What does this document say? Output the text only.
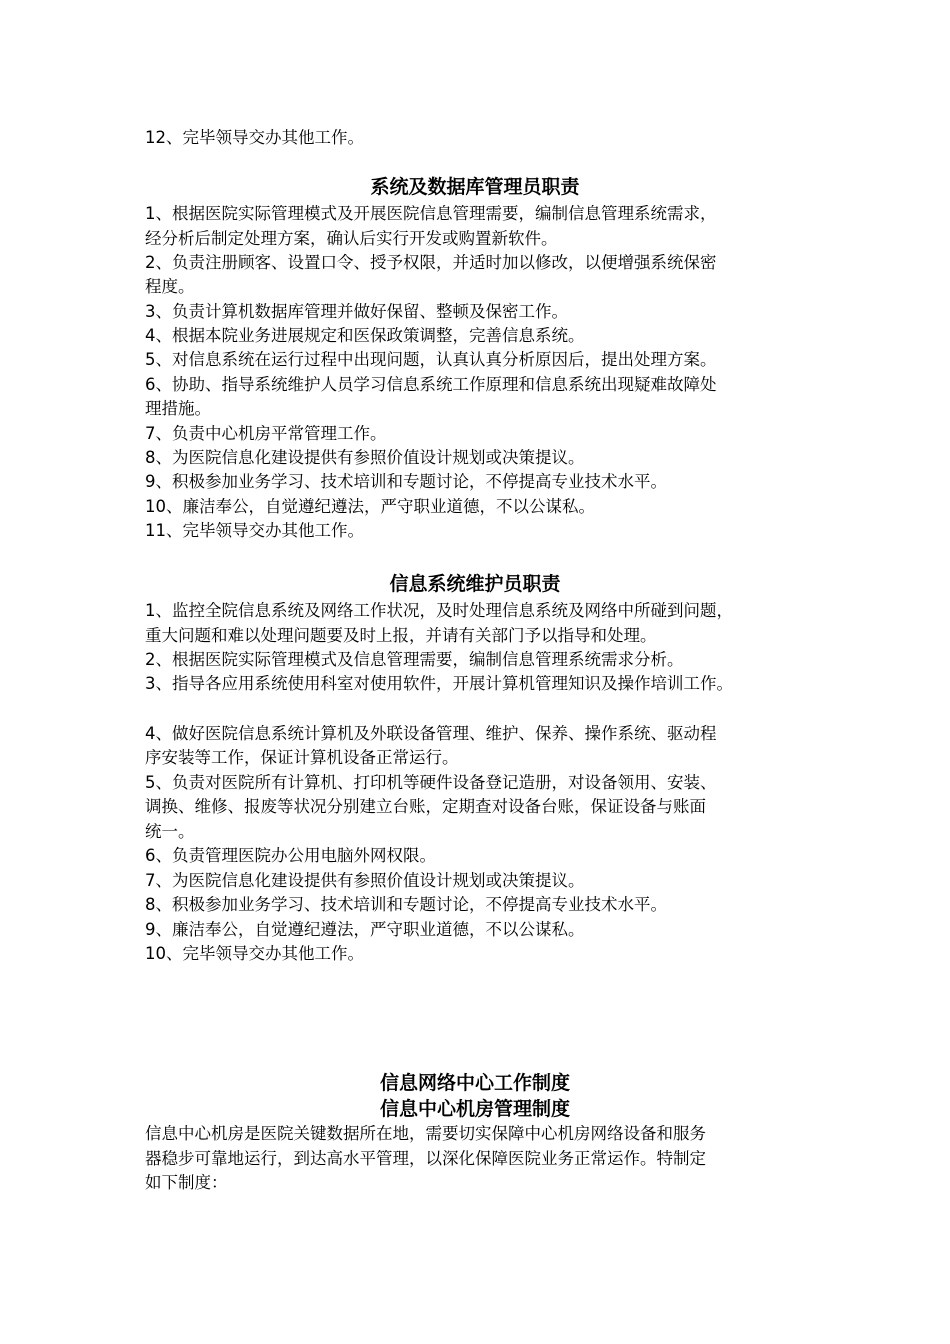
12、完毕领导交办其他工作。
系统及数据库管理员职责
1、根据医院实际管理模式及开展医院信息管理需要，编制信息管理系统需求，
经分析后制定处理方案，确认后实行开发或购置新软件。
2、负责注册顾客、设置口令、授予权限，并适时加以修改，以便增强系统保密
程度。
3、负责计算机数据库管理并做好保留、整顿及保密工作。
4、根据本院业务进展规定和医保政策调整，完善信息系统。
5、对信息系统在运行过程中出现问题，认真认真分析原因后，提出处理方案。
6、协助、指导系统维护人员学习信息系统工作原理和信息系统出现疑难故障处
理措施。
7、负责中心机房平常管理工作。
8、为医院信息化建设提供有参照价值设计规划或决策提议。
9、积极参加业务学习、技术培训和专题讨论，不停提高专业技术水平。
10、廉洁奉公，自觉遵纪遵法，严守职业道德，不以公谋私。
11、完毕领导交办其他工作。
信息系统维护员职责
1、监控全院信息系统及网络工作状况，及时处理信息系统及网络中所碰到问题，
重大问题和难以处理问题要及时上报，并请有关部门予以指导和处理。
2、根据医院实际管理模式及信息管理需要，编制信息管理系统需求分析。
3、指导各应用系统使用科室对使用软件，开展计算机管理知识及操作培训工作。
4、做好医院信息系统计算机及外联设备管理、维护、保养、操作系统、驱动程
序安装等工作，保证计算机设备正常运行。
5、负责对医院所有计算机、打印机等硬件设备登记造册，对设备领用、安装、
调换、维修、报废等状况分别建立台账，定期查对设备台账，保证设备与账面
统一。
6、负责管理医院办公用电脑外网权限。
7、为医院信息化建设提供有参照价值设计规划或决策提议。
8、积极参加业务学习、技术培训和专题讨论，不停提高专业技术水平。
9、廉洁奉公，自觉遵纪遵法，严守职业道德，不以公谋私。
10、完毕领导交办其他工作。
信息网络中心工作制度
信息中心机房管理制度
信息中心机房是医院关键数据所在地，需要切实保障中心机房网络设备和服务
器稳步可靠地运行，到达高水平管理，以深化保障医院业务正常运作。特制定
如下制度：
